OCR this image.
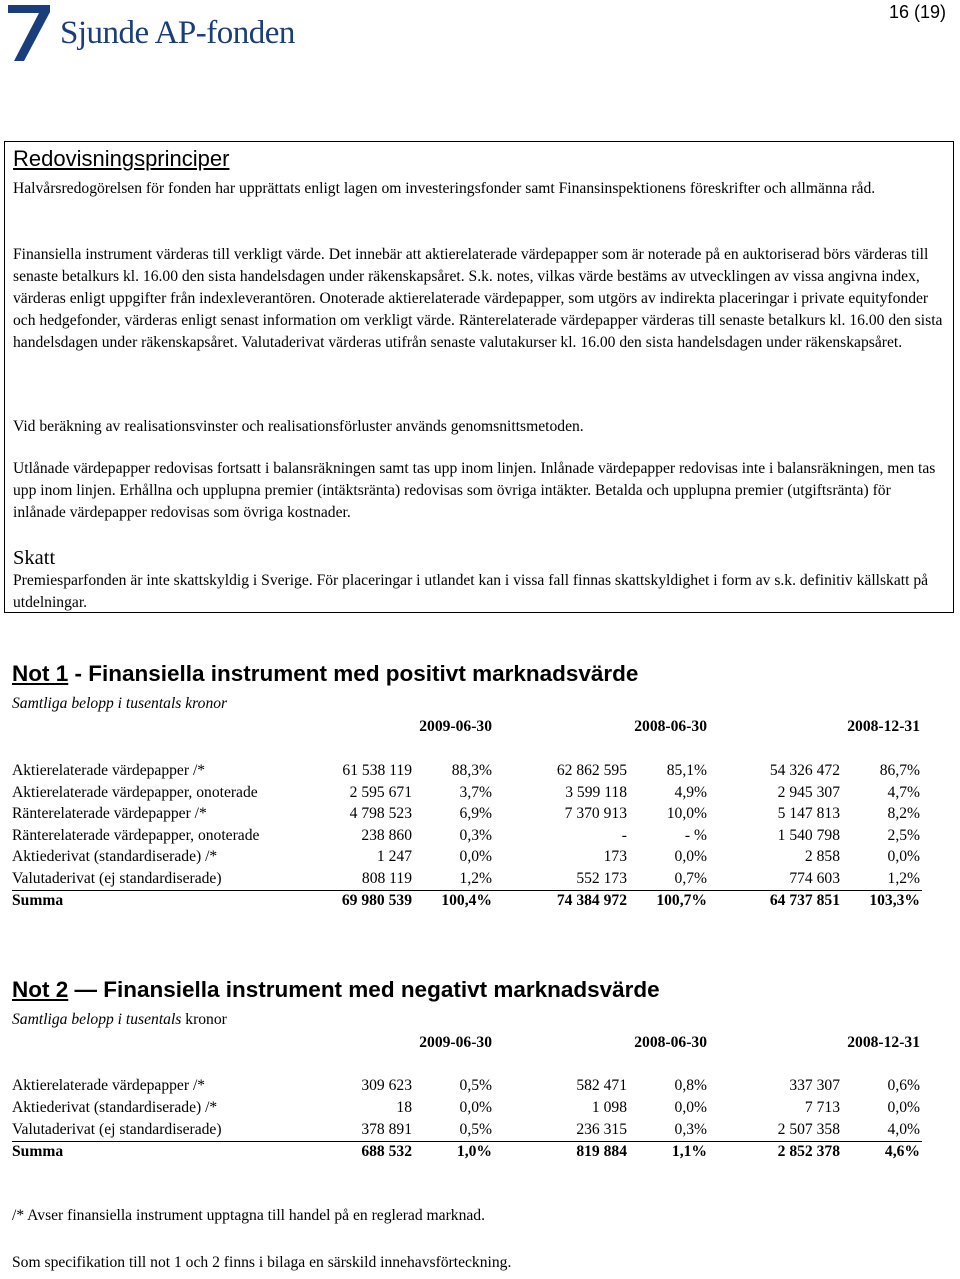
Sjunde AP-fonden
16 (19)
Redovisningsprinciper

Halvårsredogörelsen för fonden har upprättats enligt lagen om investeringsfonder samt Finansinspektionens föreskrifter och allmänna råd.

Finansiella instrument värderas till verkligt värde. Det innebär att aktierelaterade värdepapper som är noterade på en auktoriserad börs värderas till senaste betalkurs kl. 16.00 den sista handelsdagen under räkenskapsåret. S.k. notes, vilkas värde bestäms av utvecklingen av vissa angivna index, värderas enligt uppgifter från indexleverantören. Onoterade aktierelaterade värdepapper, som utgörs av indirekta placeringar i private equityfonder och hedgefonder, värderas enligt senast information om verkligt värde. Ränterelaterade värdepapper värderas till senaste betalkurs kl. 16.00 den sista handelsdagen under räkenskapsåret. Valutaderivat värderas utifrån senaste valutakurser kl. 16.00 den sista handelsdagen under räkenskapsåret.

Vid beräkning av realisationsvinster och realisationsförluster används genomsnittsmetoden.

Utlånade värdepapper redovisas fortsatt i balansräkningen samt tas upp inom linjen. Inlånade värdepapper redovisas inte i balansräkningen, men tas upp inom linjen. Erhållna och upplupna premier (intäktsränta) redovisas som övriga intäkter. Betalda och upplupna premier (utgiftsränta) för inlånade värdepapper redovisas som övriga kostnader.

Skatt

Premiesparfonden är inte skattskyldig i Sverige. För placeringar i utlandet kan i vissa fall finnas skattskyldighet i form av s.k. definitiv källskatt på utdelningar.

Not 1 - Finansiella instrument med positivt marknadsvärde
Samtliga belopp i tusentals kronor
2009-06-30	2008-06-30	2008-12-31
Aktierelaterade värdepapper /*	61 538 119	88,3%	62 862 595	85,1%	54 326 472	86,7%
Aktierelaterade värdepapper, onoterade	2 595 671	3,7%	3 599 118	4,9%	2 945 307	4,7%
Ränterelaterade värdepapper /*	4 798 523	6,9%	7 370 913	10,0%	5 147 813	8,2%
Ränterelaterade värdepapper, onoterade	238 860	0,3%	-	- %	1 540 798	2,5%
Aktiederivat (standardiserade) /*	1 247	0,0%	173	0,0%	2 858	0,0%
Valutaderivat (ej standardiserade)	808 119	1,2%	552 173	0,7%	774 603	1,2%
Summa	69 980 539 100,4%	74 384 972 100,7%	64 737 851 103,3%
Not 2 — Finansiella instrument med negativt marknadsvärde
Samtliga belopp i tusentals kronor
2009-06-30	2008-06-30	2008-12-31
Aktierelaterade värdepapper /*	309 623	0,5%	582 471	0,8%	337 307	0,6%
Aktiederivat (standardiserade) /*	18	0,0%	1 098	0,0%	7 713	0,0%
Valutaderivat (ej standardiserade)	378 891	0,5%	236 315	0,3%	2 507 358	4,0%
Summa	688 532	1,0%	819 884	1,1%	2 852 378	4,6%
/* Avser finansiella instrument upptagna till handel på en reglerad marknad.
Som specifikation till not 1 och 2 finns i bilaga en särskild innehavsförteckning.
